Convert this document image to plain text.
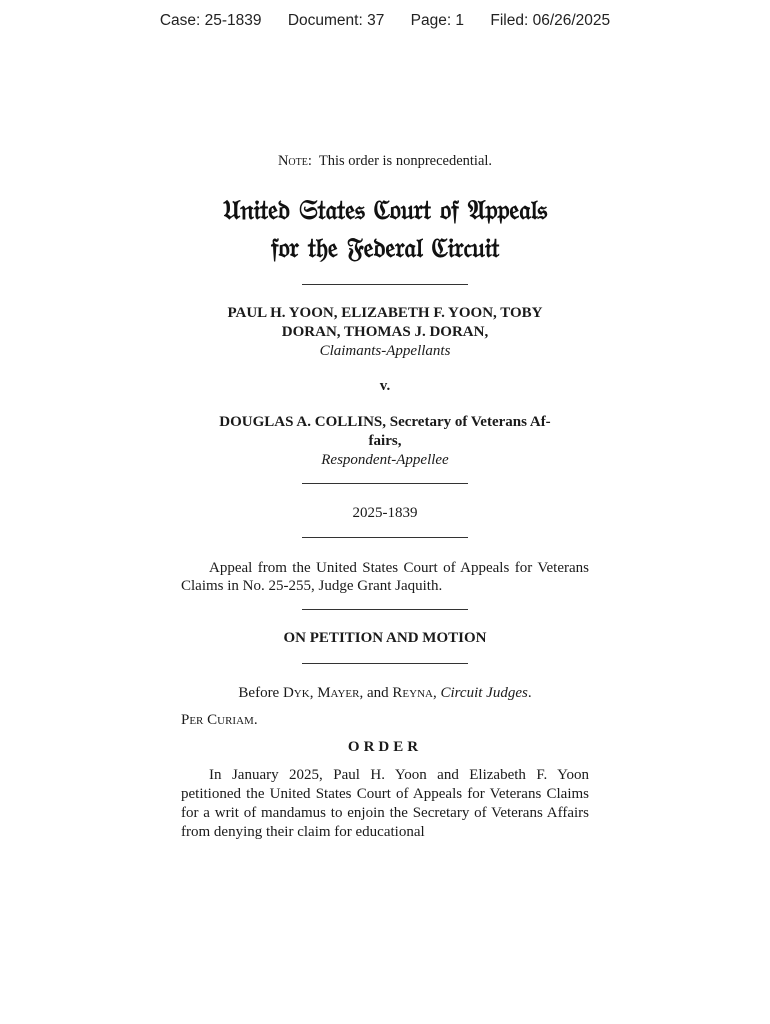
Case: 25-1839 Document: 37 Page: 1 Filed: 06/26/2025
Note: This order is nonprecedential.
𝔘𝔫𝔦𝔱𝔢𝔡 𝔖𝔱𝔞𝔱𝔢𝔰 ℭ𝔬𝔲𝔯𝔱 𝔬𝔣 𝔄𝔭𝔭𝔢𝔞𝔩𝔰
𝔣𝔬𝔯 𝔱𝔥𝔢 𝔉𝔢𝔡𝔢𝔯𝔞𝔩 ℭ𝔦𝔯𝔠𝔲𝔦𝔱
PAUL H. YOON, ELIZABETH F. YOON, TOBY
DORAN, THOMAS J. DORAN,
Claimants-Appellants
v.
DOUGLAS A. COLLINS, Secretary of Veterans Af-
fairs,
Respondent-Appellee
2025-1839
Appeal from the United States Court of Appeals for Veterans Claims in No. 25-255, Judge Grant Jaquith.
ON PETITION AND MOTION
Before Dyk, Mayer, and Reyna, Circuit Judges.
Per Curiam.
ORDER
In January 2025, Paul H. Yoon and Elizabeth F. Yoon petitioned the United States Court of Appeals for Veterans Claims for a writ of mandamus to enjoin the Secretary of Veterans Affairs from denying their claim for educational
